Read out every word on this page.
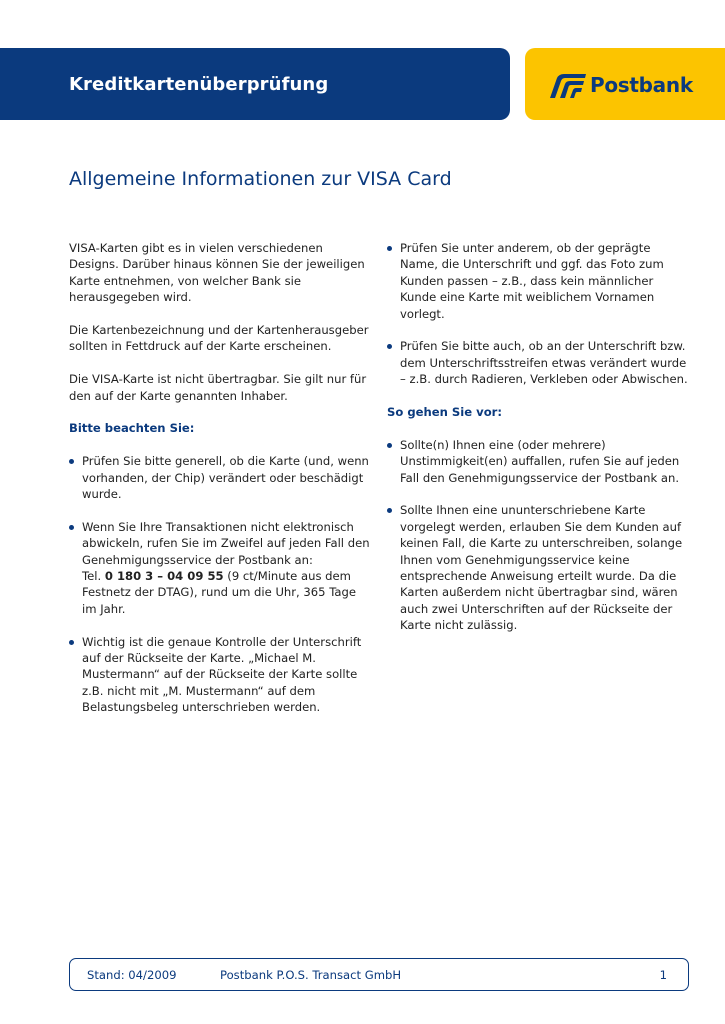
Kreditkartenüberprüfung	Postbank
Allgemeine Informationen zur VISA Card

VISA-Karten gibt es in vielen verschiedenen Designs. Darüber hinaus können Sie der jeweiligen Karte entnehmen, von welcher Bank sie herausgegeben wird.

Die Kartenbezeichnung und der Kartenherausgeber sollten in Fettdruck auf der Karte erscheinen.

Die VISA-Karte ist nicht übertragbar. Sie gilt nur für den auf der Karte genannten Inhaber.

Bitte beachten Sie:
Prüfen Sie bitte generell, ob die Karte (und, wenn vorhanden, der Chip) verändert oder beschädigt wurde.
Wenn Sie Ihre Transaktionen nicht elektronisch abwickeln, rufen Sie im Zweifel auf jeden Fall den Genehmigungsservice der Postbank an:
Tel. 0 180 3 – 04 09 55 (9 ct/Minute aus dem Festnetz der DTAG), rund um die Uhr, 365 Tage im Jahr.
Wichtig ist die genaue Kontrolle der Unterschrift auf der Rückseite der Karte. „Michael M. Mustermann“ auf der Rückseite der Karte sollte z.B. nicht mit „M. Mustermann“ auf dem Belastungsbeleg unterschrieben werden.
Prüfen Sie unter anderem, ob der geprägte Name, die Unterschrift und ggf. das Foto zum Kunden passen – z.B., dass kein männlicher Kunde eine Karte mit weiblichem Vornamen vorlegt.
Prüfen Sie bitte auch, ob an der Unterschrift bzw. dem Unterschriftsstreifen etwas verändert wurde – z.B. durch Radieren, Verkleben oder Abwischen.
So gehen Sie vor:
Sollte(n) Ihnen eine (oder mehrere) Unstimmigkeit(en) auffallen, rufen Sie auf jeden Fall den Genehmigungsservice der Postbank an.
Sollte Ihnen eine ununterschriebene Karte vorgelegt werden, erlauben Sie dem Kunden auf keinen Fall, die Karte zu unterschreiben, solange Ihnen vom Genehmigungsservice keine entsprechende Anweisung erteilt wurde. Da die Karten außerdem nicht übertragbar sind, wären auch zwei Unterschriften auf der Rückseite der Karte nicht zulässig.
Stand: 04/2009	Postbank P.O.S. Transact GmbH	1
